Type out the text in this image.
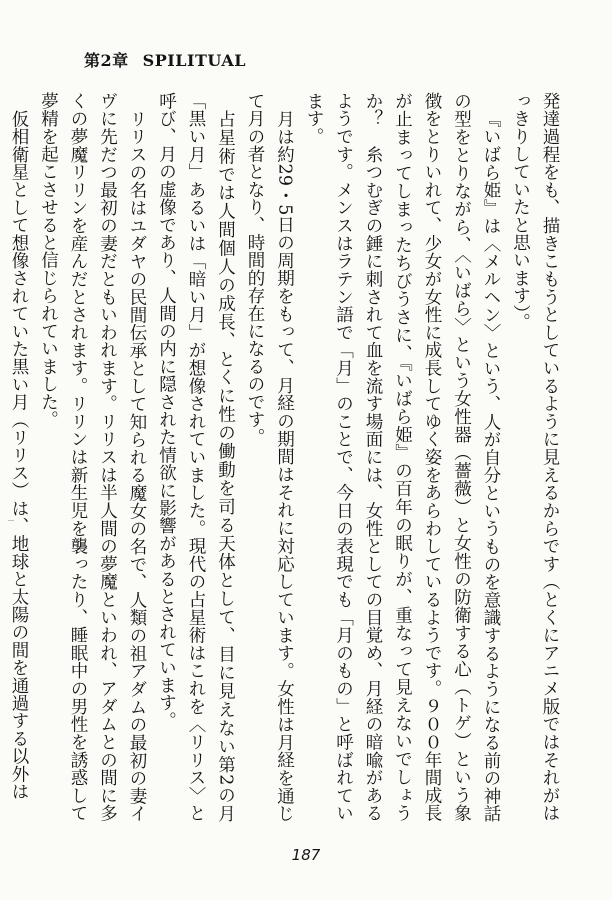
第2章 SPILITUAL

発達過程をも、描きこもうとしているように見えるからです（とくにアニメ版ではそれがはっきりしていたと思います）。

『いばら姫』は〈メルヘン〉という、人が自分というものを意識するようになる前の神話の型をとりながら、〈いばら〉という女性器（薔薇）と女性の防衛する心（トゲ）という象徴をとりいれて、少女が女性に成長してゆく姿をあらわしているようです。９００年間成長が止まってしまったちびうさに、『いばら姫』の百年の眠りが、重なって見えないでしょうか？　糸つむぎの錘に刺されて血を流す場面には、女性としての目覚め、月経の暗喩があるようです。メンスはラテン語で「月」のことで、今日の表現でも「月のもの」と呼ばれています。

月は約29・5日の周期をもって、月経の期間はそれに対応しています。女性は月経を通じて月の者となり、時間的存在になるのです。

占星術では人間個人の成長、とくに性の働動を司る天体として、目に見えない第2の月「黒い月」あるいは「暗い月」が想像されていました。現代の占星術はこれを〈リリス〉と呼び、月の虚像であり、人間の内に隠された情欲に影響があるとされています。

リリスの名はユダヤの民間伝承として知られる魔女の名で、人類の祖アダムの最初の妻イヴに先だつ最初の妻だともいわれます。リリスは半人間の夢魔といわれ、アダムとの間に多くの夢魔リリンを産んだとされます。リリンは新生児を襲ったり、睡眠中の男性を誘惑して夢精を起こさせると信じられていました。

仮相衛星として想像されていた黒い月（リリス）は、地球と太陽の間を通過する以外は

187
